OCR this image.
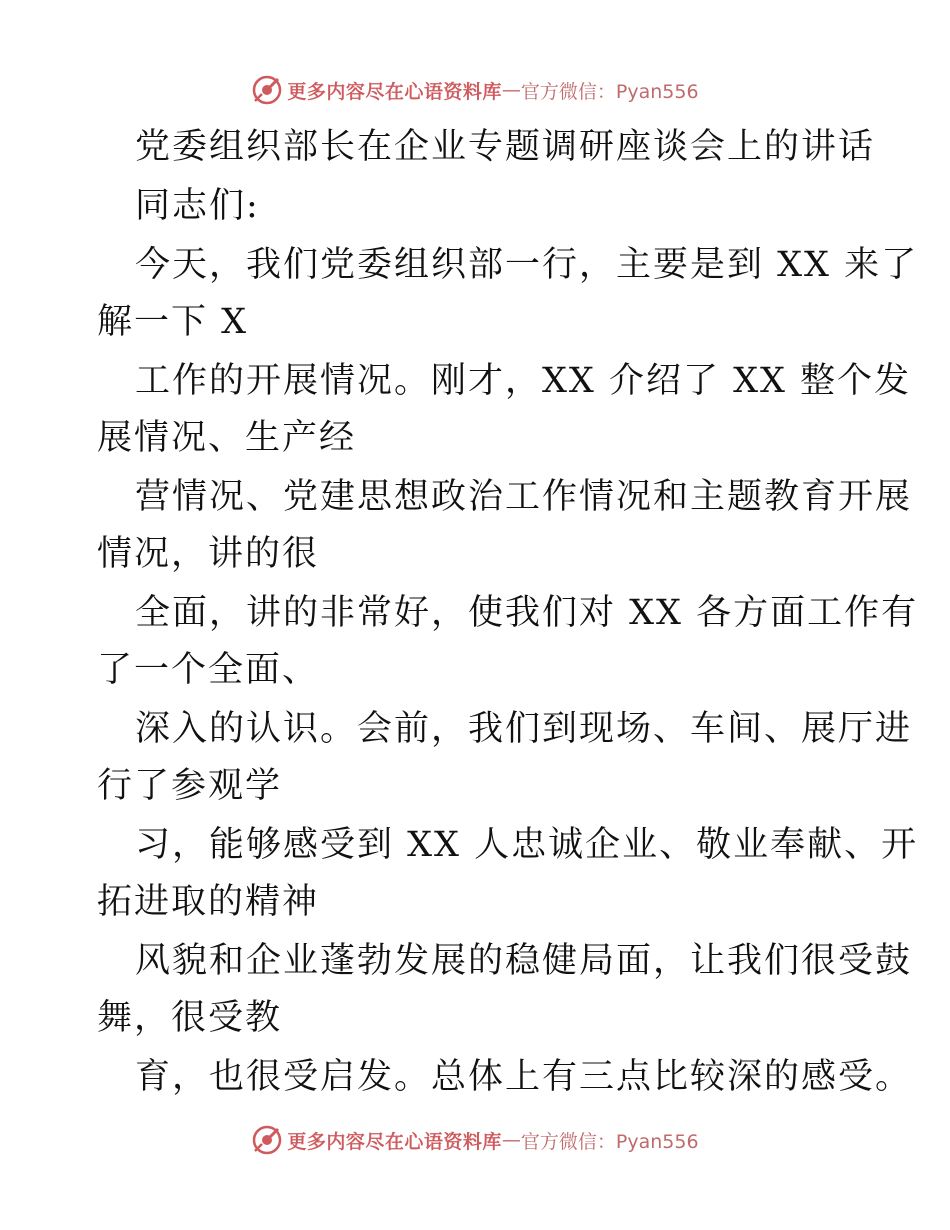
更多内容尽在心语资料库 — 官方微信：Pyan556
党委组织部长在企业专题调研座谈会上的讲话
同志们:
今天，我们党委组织部一行，主要是到 XX 来了
解一下 X
工作的开展情况。刚才，XX 介绍了 XX 整个发
展情况、生产经
营情况、党建思想政治工作情况和主题教育开展
情况，讲的很
全面，讲的非常好，使我们对 XX 各方面工作有
了一个全面、
深入的认识。会前，我们到现场、车间、展厅进
行了参观学
习，能够感受到 XX 人忠诚企业、敬业奉献、开
拓进取的精神
风貌和企业蓬勃发展的稳健局面，让我们很受鼓
舞，很受教
育，也很受启发。总体上有三点比较深的感受。
更多内容尽在心语资料库 — 官方微信：Pyan556
